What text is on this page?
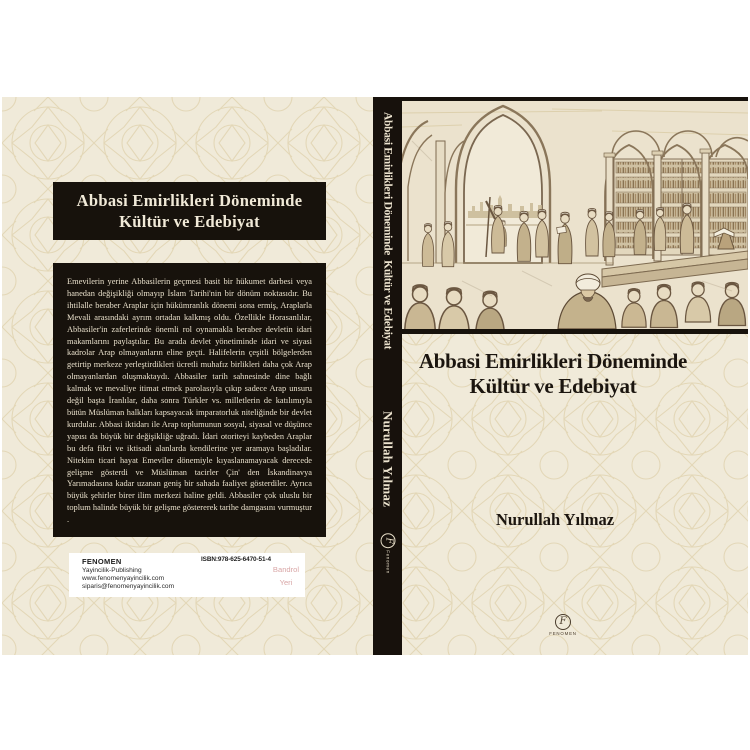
Abbasi Emirlikleri Döneminde
Kültür ve Edebiyat

Emevilerin yerine Abbasilerin geçmesi basit bir hükumet darbesi veya hanedan değişikliği olmayıp İslam Tarihi'nin bir dönüm noktasıdır. Bu ihtilalle beraber Araplar için hükümranlık dönemi sona ermiş, Araplarla Mevali arasındaki ayrım ortadan kalkmış oldu. Özellikle Horasanlılar, Abbasiler'in zaferlerinde önemli rol oynamakla beraber devletin idari makamlarını paylaştılar. Bu arada devlet yönetiminde idari ve siyasi kadrolar Arap olmayanların eline geçti. Halifelerin çeşitli bölgelerden getirtip merkeze yerleştirdikleri ücretli muhafız birlikleri daha çok Arap olmayanlardan oluşmaktaydı. Abbasiler tarih sahnesinde dine bağlı kalmak ve mevaliye itimat etmek parolasıyla çıkıp sadece Arap unsuru değil başta İranlılar, daha sonra Türkler vs. milletlerin de katılımıyla bütün Müslüman halkları kapsayacak imparatorluk niteliğinde bir devlet kurdular. Abbasi iktidarı ile Arap toplumunun sosyal, siyasal ve düşünce yapısı da büyük bir değişikliğe uğradı. İdari otoriteyi kaybeden Araplar bu defa fikri ve iktisadi alanlarda kendilerine yer aramaya başladılar. Nitekim ticari hayat Emeviler dönemiyle kıyaslanamayacak derecede gelişme gösterdi ve Müslüman tacirler Çin' den İskandinavya Yarımadasına kadar uzanan geniş bir sahada faaliyet gösterdiler. Ayrıca büyük şehirler birer ilim merkezi haline geldi. Abbasiler çok uluslu bir toplum halinde büyük bir gelişme göstererek tarihe damgasını vurmuştur .

FENOMEN
Yayincilik-Publishing
www.fenomenyayincilik.com
siparis@fenomenyayincilik.com
ISBN:978-625-6470-51-4
Bandrol
Yeri
Abbasi Emirlikleri Döneminde  Kültür ve Edebiyat
Nurullah Yılmaz
F
Fenomen
Abbasi Emirlikleri Döneminde
Kültür ve Edebiyat
Nurullah Yılmaz
F
FENOMEN
